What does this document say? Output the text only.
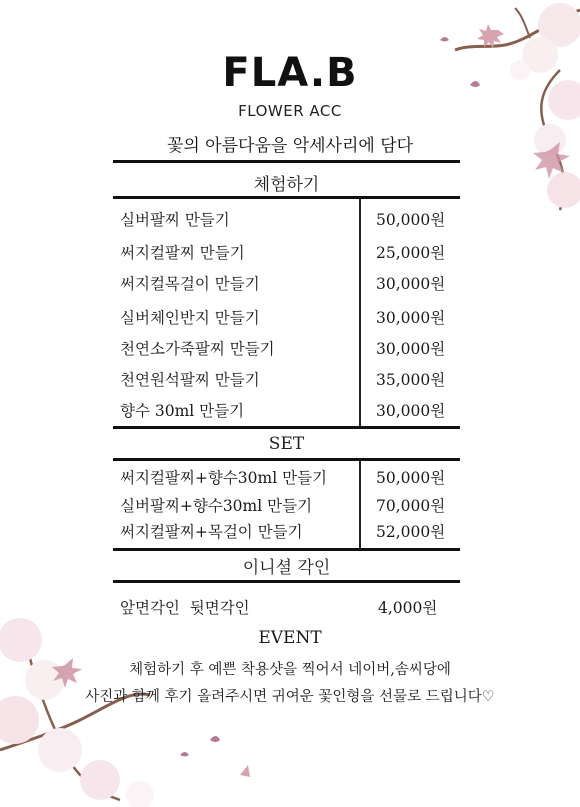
FLA.B
FLOWER ACC
꽃의 아름다움을 악세사리에 담다
체험하기
실버팔찌 만들기	50,000원
써지컬팔찌 만들기	25,000원
써지컬목걸이 만들기	30,000원
실버체인반지 만들기	30,000원
천연소가죽팔찌 만들기	30,000원
천연원석팔찌 만들기	35,000원
향수 30ml 만들기	30,000원
SET
써지컬팔찌+향수30ml 만들기	50,000원
실버팔찌+향수30ml 만들기	70,000원
써지컬팔찌+목걸이 만들기	52,000원
이니셜 각인
앞면각인  뒷면각인	4,000원
EVENT
체험하기 후 예쁜 착용샷을 찍어서 네이버,솜씨당에
사진과 함께 후기 올려주시면 귀여운 꽃인형을 선물로 드립니다♡
